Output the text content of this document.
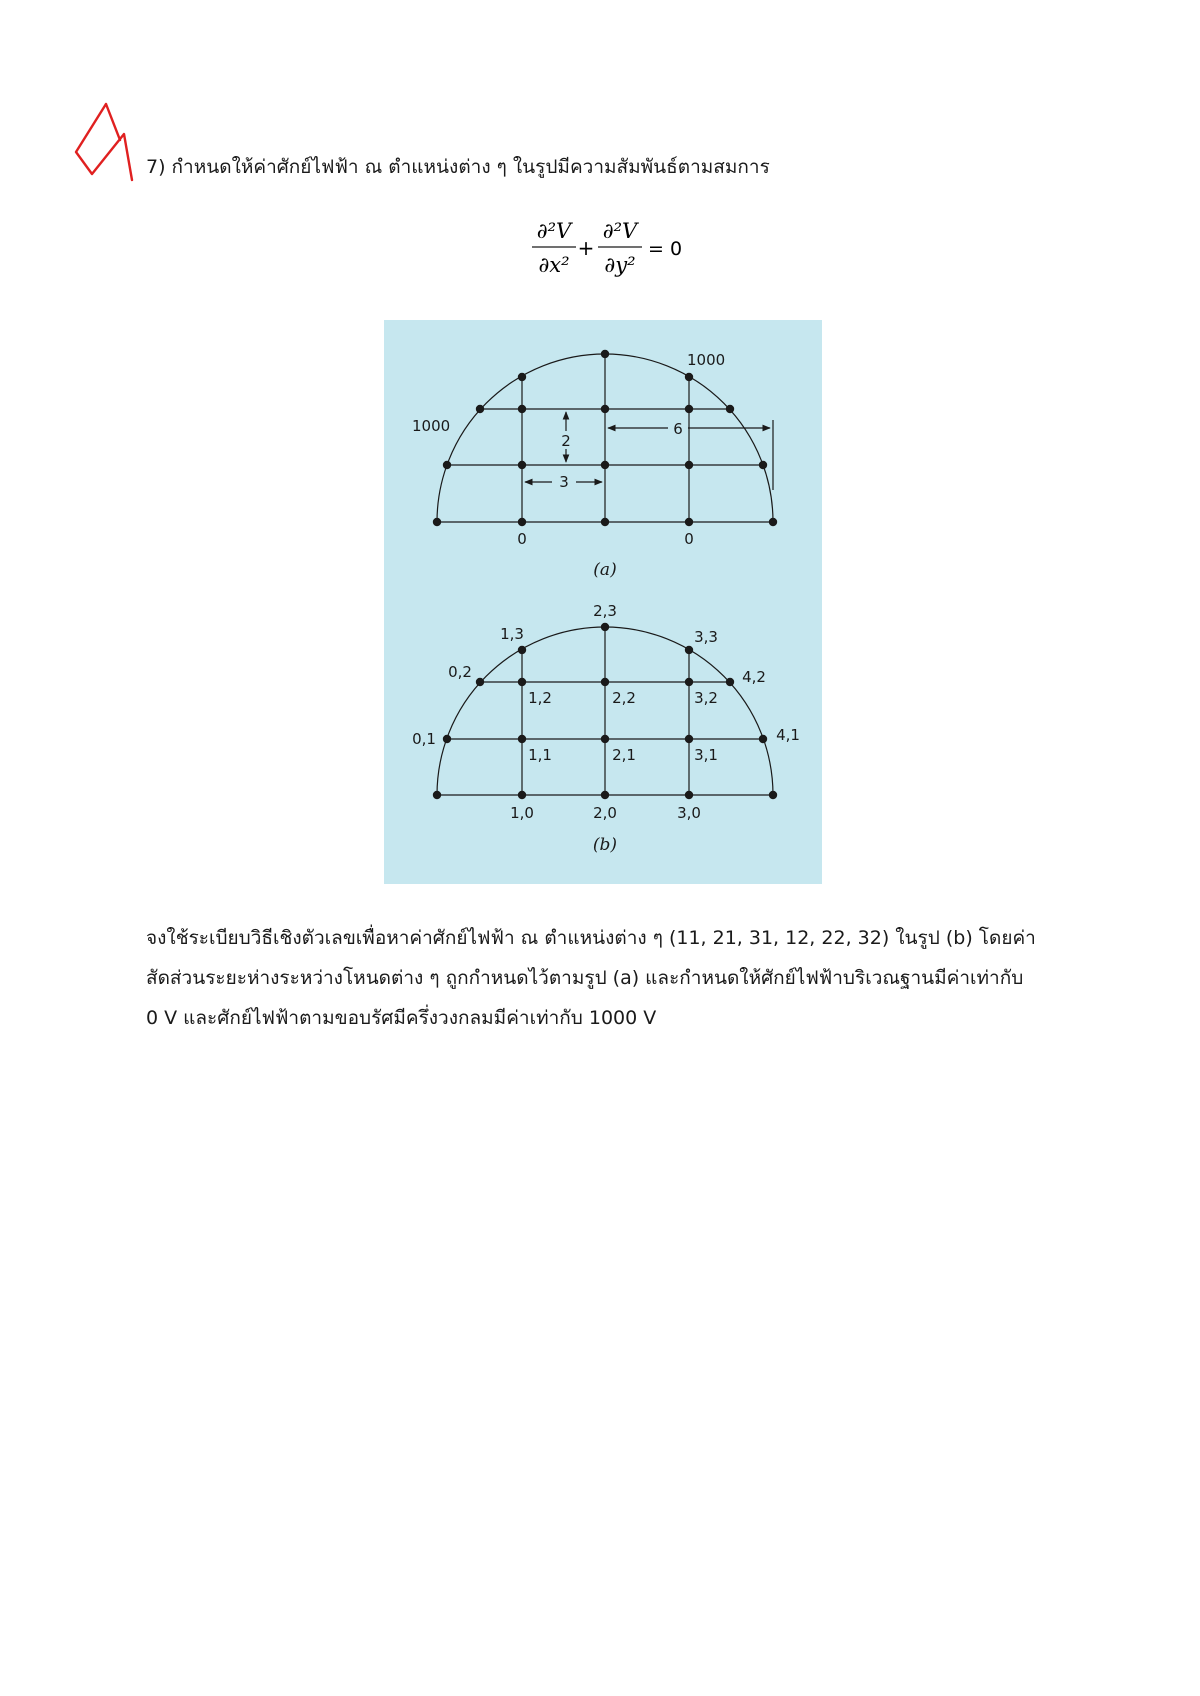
7) กำหนดให้ค่าศักย์ไฟฟ้า ณ ตำแหน่งต่าง ๆ ในรูปมีความสัมพันธ์ตามสมการ
∂²V
∂x²
+
∂²V
∂y²
= 0
2
3
6
1000
1000
0	0
(a)
2,3
1,3	3,3
0,2	4,2
1,2	2,2	3,2
0,1	4,1
1,1	2,1	3,1
1,0	2,0	3,0
(b)
จงใช้ระเบียบวิธีเชิงตัวเลขเพื่อหาค่าศักย์ไฟฟ้า ณ ตำแหน่งต่าง ๆ (11, 21, 31, 12, 22, 32) ในรูป (b) โดยค่า
สัดส่วนระยะห่างระหว่างโหนดต่าง ๆ ถูกกำหนดไว้ตามรูป (a) และกำหนดให้ศักย์ไฟฟ้าบริเวณฐานมีค่าเท่ากับ
0 V และศักย์ไฟฟ้าตามขอบรัศมีครึ่งวงกลมมีค่าเท่ากับ 1000 V
